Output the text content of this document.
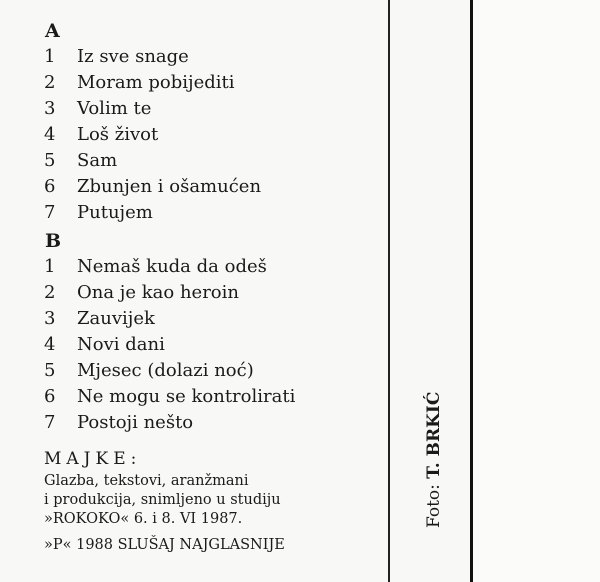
A
1	Iz sve snage
2	Moram pobijediti
3	Volim te
4	Loš život
5	Sam
6	Zbunjen i ošamućen
7	Putujem
B
1	Nemaš kuda da odeš
2	Ona je kao heroin
3	Zauvijek
4	Novi dani
5	Mjesec (dolazi noć)
6	Ne mogu se kontrolirati
7	Postoji nešto
MAJKE:
Glazba, tekstovi, aranžmani
i produkcija, snimljeno u studiju
»ROKOKO« 6. i 8. VI 1987.
»P« 1988 SLUŠAJ NAJGLASNIJE
Foto: T. BRKIĆ
